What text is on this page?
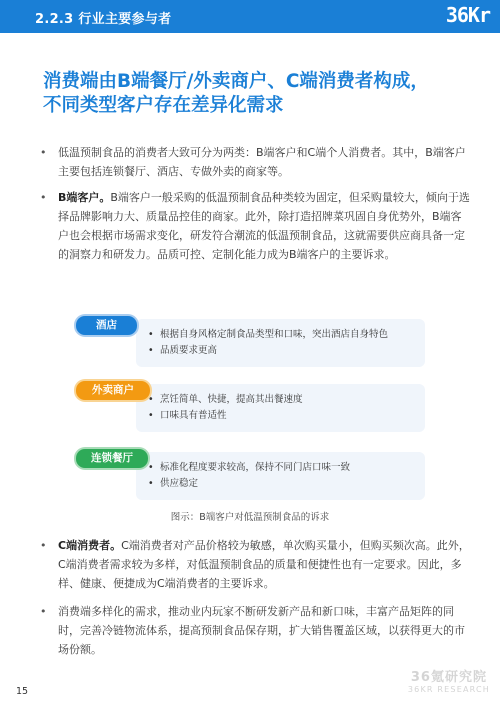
2.2.3 行业主要参与者	36Kr
消费端由B端餐厅/外卖商户、C端消费者构成，
不同类型客户存在差异化需求
• 低温预制食品的消费者大致可分为两类：B端客户和C端个人消费者。其中，B端客户主要包括连锁餐厅、酒店、专做外卖的商家等。
• B端客户。B端客户一般采购的低温预制食品种类较为固定，但采购量较大，倾向于选择品牌影响力大、质量品控佳的商家。此外，除打造招牌菜巩固自身优势外，B端客户也会根据市场需求变化，研发符合潮流的低温预制食品，这就需要供应商具备一定的洞察力和研发力。品质可控、定制化能力成为B端客户的主要诉求。
• 根据自身风格定制食品类型和口味，突出酒店自身特色
• 品质要求更高
酒店
• 烹饪简单、快捷，提高其出餐速度
• 口味具有普适性
外卖商户
• 标准化程度要求较高，保持不同门店口味一致
• 供应稳定
连锁餐厅
图示：B端客户对低温预制食品的诉求
• C端消费者。C端消费者对产品价格较为敏感，单次购买量小，但购买频次高。此外，C端消费者需求较为多样，对低温预制食品的质量和便捷性也有一定要求。因此，多样、健康、便捷成为C端消费者的主要诉求。
• 消费端多样化的需求，推动业内玩家不断研发新产品和新口味，丰富产品矩阵的同时，完善冷链物流体系，提高预制食品保存期，扩大销售覆盖区域，以获得更大的市场份额。
36氪研究院
36KR RESEARCH
15
